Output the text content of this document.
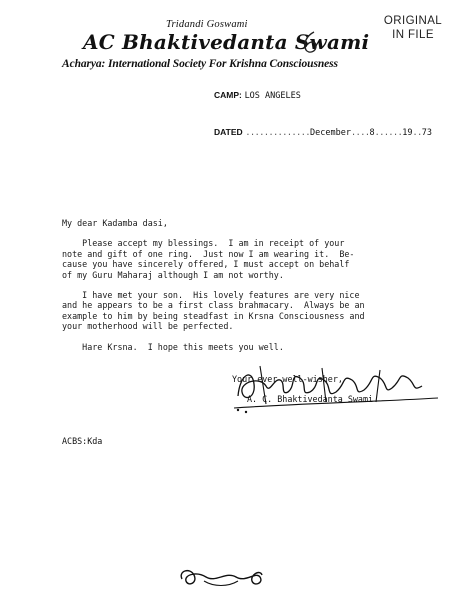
ORIGINAL
IN FILE
Tridandi Goswami
AC Bhaktivedanta Swami
Acharya: International Society For Krishna Consciousness
CAMP: LOS ANGELES
DATED ..............December....8......19..73

My dear Kadamba dasi,

Please accept my blessings.  I am in receipt of your

note and gift of one ring.  Just now I am wearing it.  Be-

cause you have sincerely offered, I must accept on behalf

of my Guru Maharaj although I am not worthy.

I have met your son.  His lovely features are very nice

and he appears to be a first class brahmacary.  Always be an

example to him by being steadfast in Krsna Consciousness and

your motherhood will be perfected.

Hare Krsna.  I hope this meets you well.

Your ever well-wisher,
A. C. Bhaktivedanta Swami
ACBS:Kda
